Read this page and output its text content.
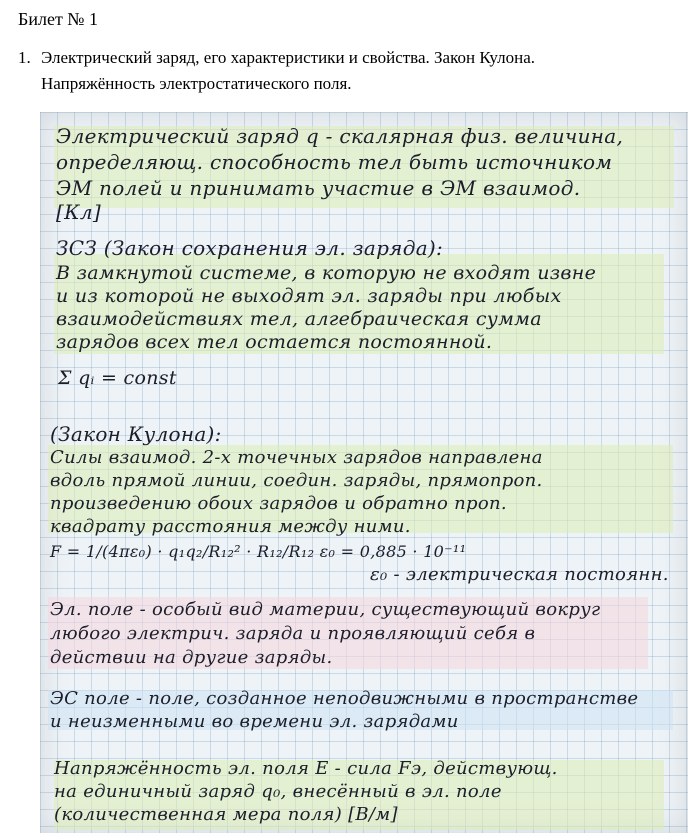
Билет № 1
1. Электрический заряд, его характеристики и свойства. Закон Кулона.
Напряжённость электростатического поля.
Электрический заряд q - скалярная физ. величина,
определяющ. способность тел быть источником
ЭМ полей и принимать участие в ЭМ взаимод.
[Кл]
ЗСЗ (Закон сохранения эл. заряда):
В замкнутой системе, в которую не входят извне
и из которой не выходят эл. заряды при любых
взаимодействиях тел, алгебраическая сумма
зарядов всех тел остается постоянной.
Σ qᵢ = const
(Закон Кулона):
Силы взаимод. 2-х точечных зарядов направлена
вдоль прямой линии, соедин. заряды, прямопроп.
произведению обоих зарядов и обратно проп.
квадрату расстояния между ними.
F = 1/(4πε₀) · q₁q₂/R₁₂² · R₁₂/R₁₂ ε₀ = 0,885 · 10⁻¹¹
ε₀ - электрическая постоянн.
Эл. поле - особый вид материи, существующий вокруг
любого электрич. заряда и проявляющий себя в
действии на другие заряды.
ЭС поле - поле, созданное неподвижными в пространстве
и неизменными во времени эл. зарядами
Напряжённость эл. поля E - сила Fэ, действующ.
на единичный заряд q₀, внесённый в эл. поле
(количественная мера поля) [В/м]
